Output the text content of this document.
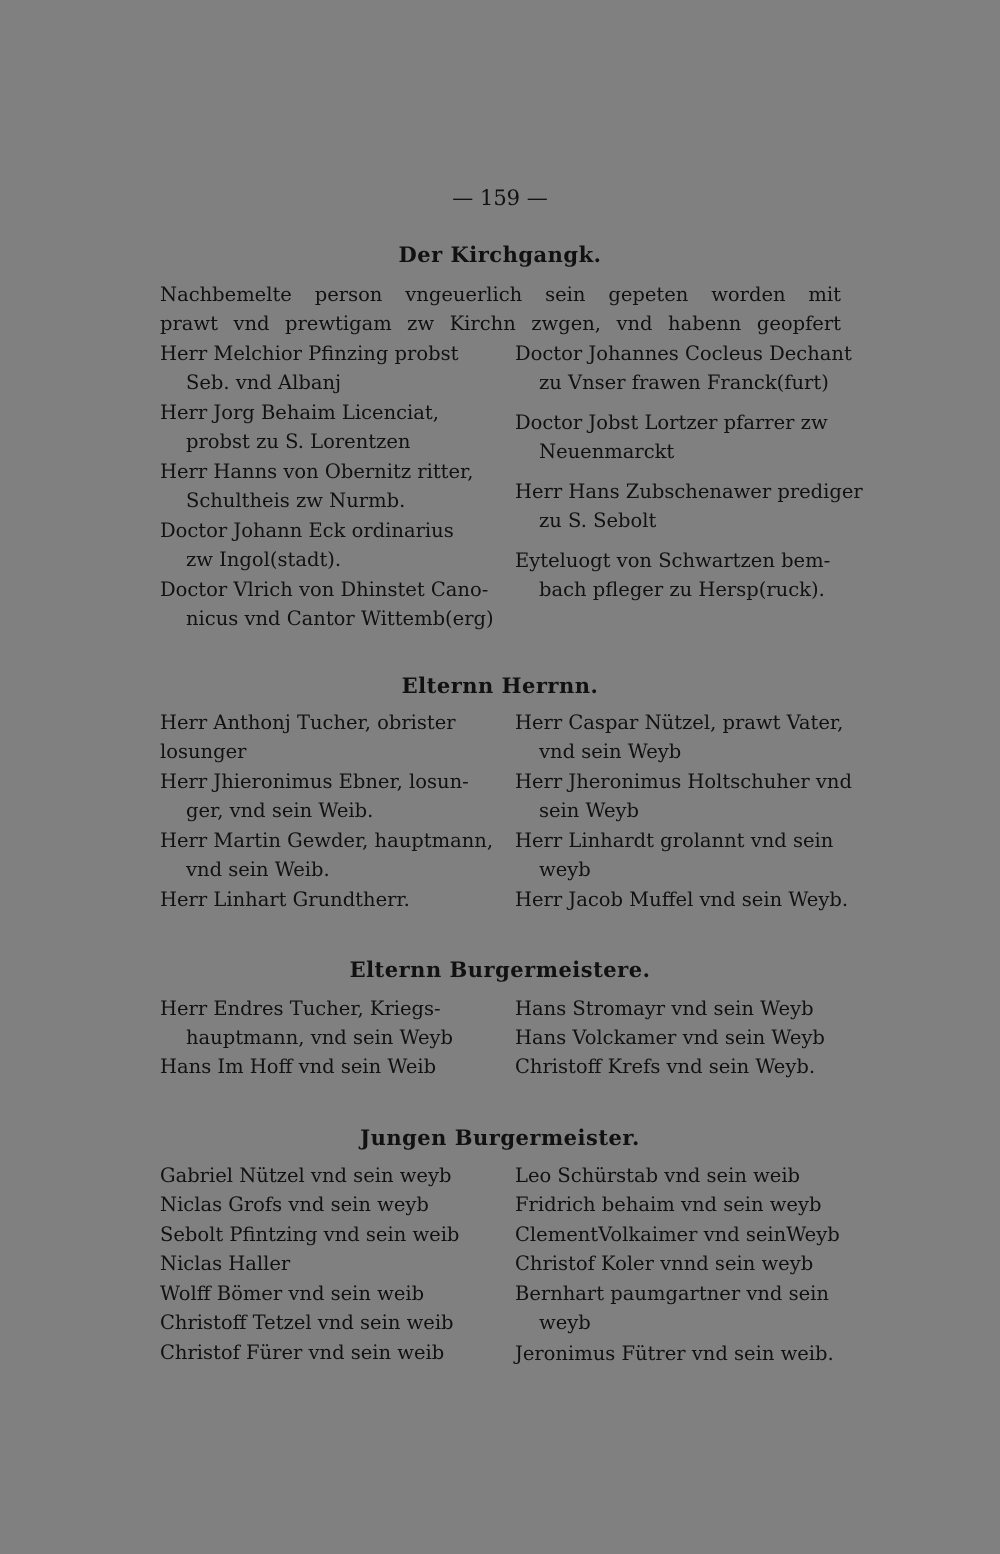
— 159 —
Der Kirchgangk.
Nachbemelte person vngeuerlich sein gepeten worden mit
prawt vnd prewtigam zw Kirchn zwgen, vnd habenn geopfert
Herr Melchior Pfinzing probst
Seb. vnd Albanj
Herr Jorg Behaim Licenciat,
probst zu S. Lorentzen
Herr Hanns von Obernitz ritter,
Schultheis zw Nurmb.
Doctor Johann Eck ordinarius
zw Ingol(stadt).
Doctor Vlrich von Dhinstet Cano-
nicus vnd Cantor Wittemb(erg)
Doctor Johannes Cocleus Dechant
zu Vnser frawen Franck(furt)
Doctor Jobst Lortzer pfarrer zw
Neuenmarckt
Herr Hans Zubschenawer prediger
zu S. Sebolt
Eyteluogt von Schwartzen bem-
bach pfleger zu Hersp(ruck).
Elternn Herrnn.
Herr Anthonj Tucher, obrister
losunger
Herr Jhieronimus Ebner, losun-
ger, vnd sein Weib.
Herr Martin Gewder, hauptmann,
vnd sein Weib.
Herr Linhart Grundtherr.
Herr Caspar Nützel, prawt Vater,
vnd sein Weyb
Herr Jheronimus Holtschuher vnd
sein Weyb
Herr Linhardt grolannt vnd sein
weyb
Herr Jacob Muffel vnd sein Weyb.
Elternn Burgermeistere.
Herr Endres Tucher, Kriegs-
hauptmann, vnd sein Weyb
Hans Im Hoff vnd sein Weib
Hans Stromayr vnd sein Weyb
Hans Volckamer vnd sein Weyb
Christoff Krefs vnd sein Weyb.
Jungen Burgermeister.
Gabriel Nützel vnd sein weyb
Niclas Grofs vnd sein weyb
Sebolt Pfintzing vnd sein weib
Niclas Haller
Wolff Bömer vnd sein weib
Christoff Tetzel vnd sein weib
Christof Fürer vnd sein weib
Leo Schürstab vnd sein weib
Fridrich behaim vnd sein weyb
ClementVolkaimer vnd seinWeyb
Christof Koler vnnd sein weyb
Bernhart paumgartner vnd sein
weyb
Jeronimus Fütrer vnd sein weib.
